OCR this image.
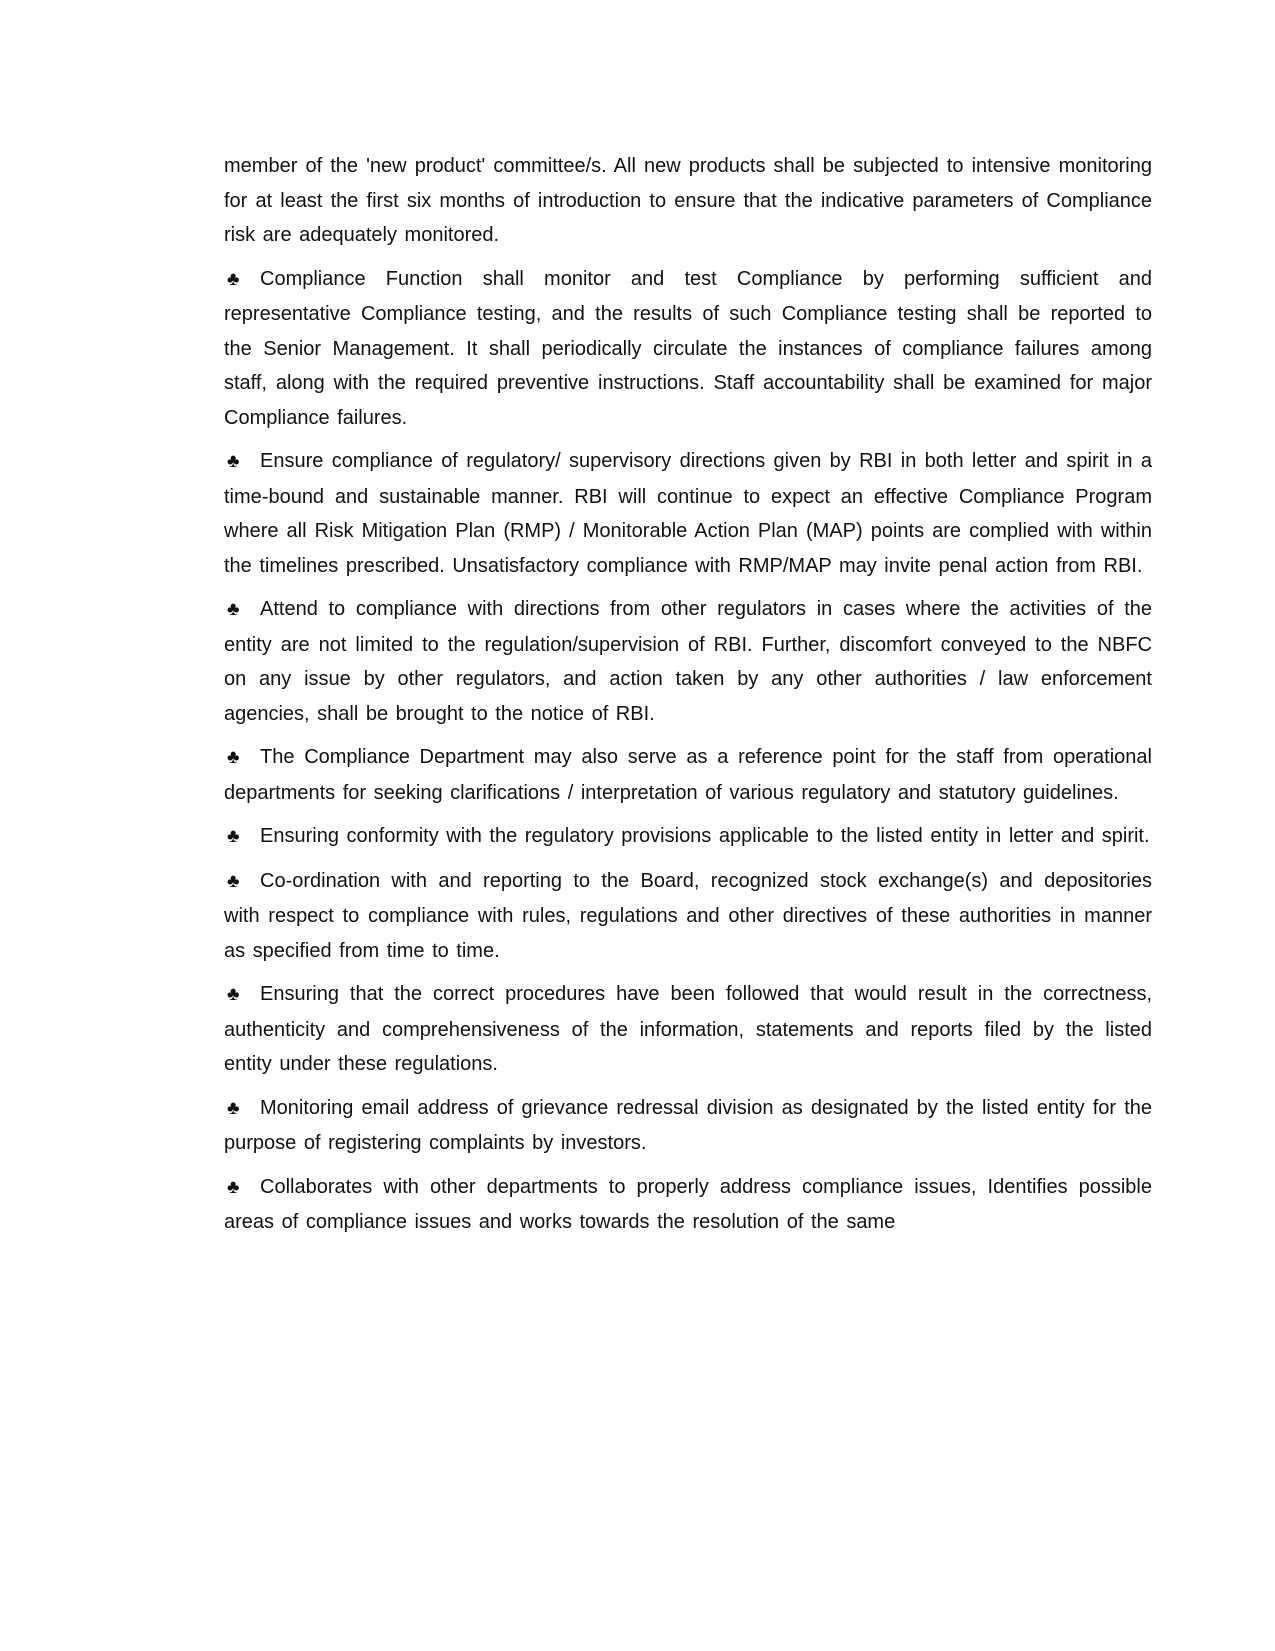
member of the 'new product' committee/s. All new products shall be subjected to intensive monitoring for at least the first six months of introduction to ensure that the indicative parameters of Compliance risk are adequately monitored.

♣ Compliance Function shall monitor and test Compliance by performing sufficient and representative Compliance testing, and the results of such Compliance testing shall be reported to the Senior Management. It shall periodically circulate the instances of compliance failures among staff, along with the required preventive instructions. Staff accountability shall be examined for major Compliance failures.

♣ Ensure compliance of regulatory/ supervisory directions given by RBI in both letter and spirit in a time-bound and sustainable manner. RBI will continue to expect an effective Compliance Program where all Risk Mitigation Plan (RMP) / Monitorable Action Plan (MAP) points are complied with within the timelines prescribed. Unsatisfactory compliance with RMP/MAP may invite penal action from RBI.

♣ Attend to compliance with directions from other regulators in cases where the activities of the entity are not limited to the regulation/supervision of RBI. Further, discomfort conveyed to the NBFC on any issue by other regulators, and action taken by any other authorities / law enforcement agencies, shall be brought to the notice of RBI.

♣ The Compliance Department may also serve as a reference point for the staff from operational departments for seeking clarifications / interpretation of various regulatory and statutory guidelines.

♣ Ensuring conformity with the regulatory provisions applicable to the listed entity in letter and spirit.

♣ Co-ordination with and reporting to the Board, recognized stock exchange(s) and depositories with respect to compliance with rules, regulations and other directives of these authorities in manner as specified from time to time.

♣ Ensuring that the correct procedures have been followed that would result in the correctness, authenticity and comprehensiveness of the information, statements and reports filed by the listed entity under these regulations.

♣ Monitoring email address of grievance redressal division as designated by the listed entity for the purpose of registering complaints by investors.

♣ Collaborates with other departments to properly address compliance issues, Identifies possible areas of compliance issues and works towards the resolution of the same
